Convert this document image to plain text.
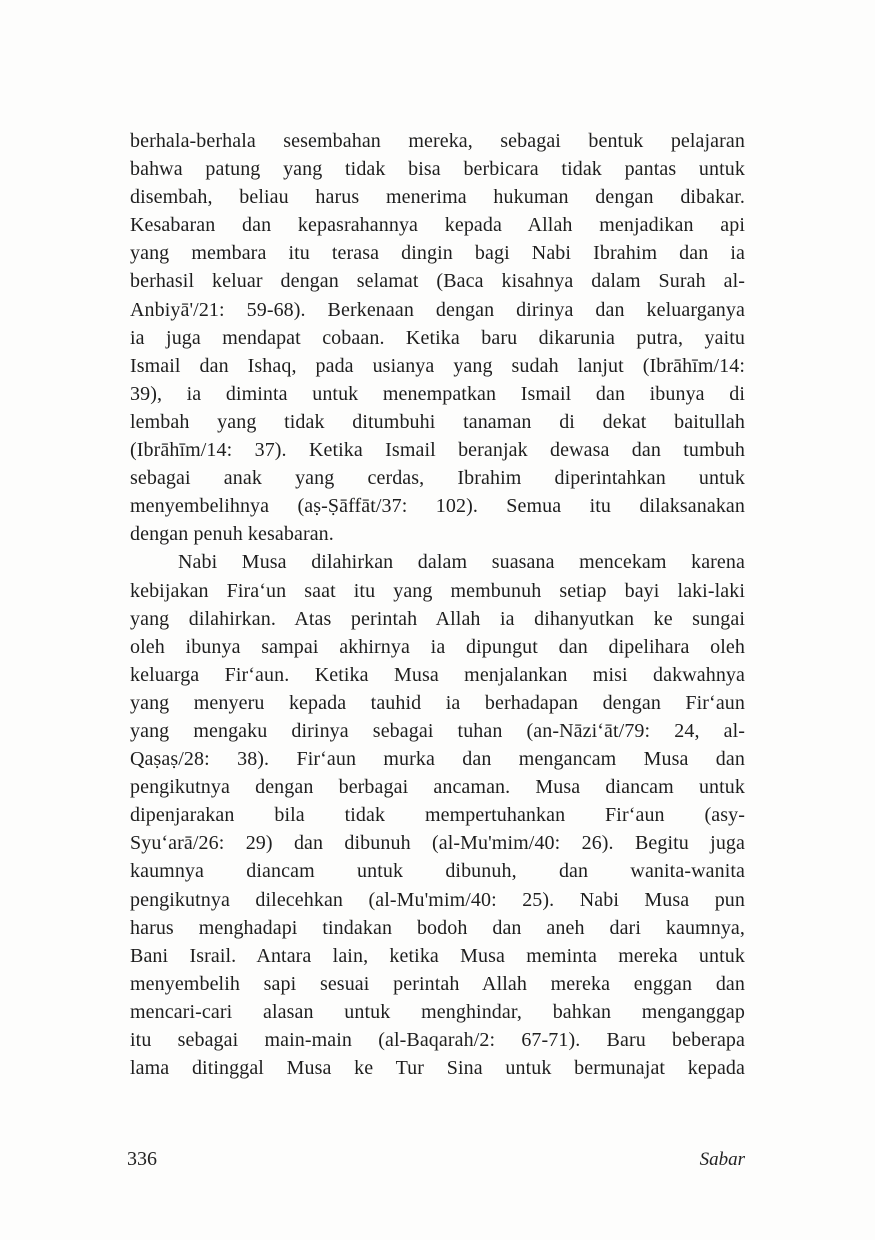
berhala-berhala sesembahan mereka, sebagai bentuk pelajaran
bahwa patung yang tidak bisa berbicara tidak pantas untuk
disembah, beliau harus menerima hukuman dengan dibakar.
Kesabaran dan kepasrahannya kepada Allah menjadikan api
yang membara itu terasa dingin bagi Nabi Ibrahim dan ia
berhasil keluar dengan selamat (Baca kisahnya dalam Surah al-
Anbiyā'/21: 59-68). Berkenaan dengan dirinya dan keluarganya
ia juga mendapat cobaan. Ketika baru dikarunia putra, yaitu
Ismail dan Ishaq, pada usianya yang sudah lanjut (Ibrāhīm/14:
39), ia diminta untuk menempatkan Ismail dan ibunya di
lembah yang tidak ditumbuhi tanaman di dekat baitullah
(Ibrāhīm/14: 37). Ketika Ismail beranjak dewasa dan tumbuh
sebagai anak yang cerdas, Ibrahim diperintahkan untuk
menyembelihnya (aṣ-Ṣāffāt/37: 102). Semua itu dilaksanakan
dengan penuh kesabaran.
Nabi Musa dilahirkan dalam suasana mencekam karena
kebijakan Firaʻun saat itu yang membunuh setiap bayi laki-laki
yang dilahirkan. Atas perintah Allah ia dihanyutkan ke sungai
oleh ibunya sampai akhirnya ia dipungut dan dipelihara oleh
keluarga Firʻaun. Ketika Musa menjalankan misi dakwahnya
yang menyeru kepada tauhid ia berhadapan dengan Firʻaun
yang mengaku dirinya sebagai tuhan (an-Nāziʻāt/79: 24, al-
Qaṣaṣ/28: 38). Firʻaun murka dan mengancam Musa dan
pengikutnya dengan berbagai ancaman. Musa diancam untuk
dipenjarakan bila tidak mempertuhankan Firʻaun (asy-
Syuʻarā/26: 29) dan dibunuh (al-Mu'mim/40: 26). Begitu juga
kaumnya diancam untuk dibunuh, dan wanita-wanita
pengikutnya dilecehkan (al-Mu'mim/40: 25). Nabi Musa pun
harus menghadapi tindakan bodoh dan aneh dari kaumnya,
Bani Israil. Antara lain, ketika Musa meminta mereka untuk
menyembelih sapi sesuai perintah Allah mereka enggan dan
mencari-cari alasan untuk menghindar, bahkan menganggap
itu sebagai main-main (al-Baqarah/2: 67-71). Baru beberapa
lama ditinggal Musa ke Tur Sina untuk bermunajat kepada
336	Sabar
